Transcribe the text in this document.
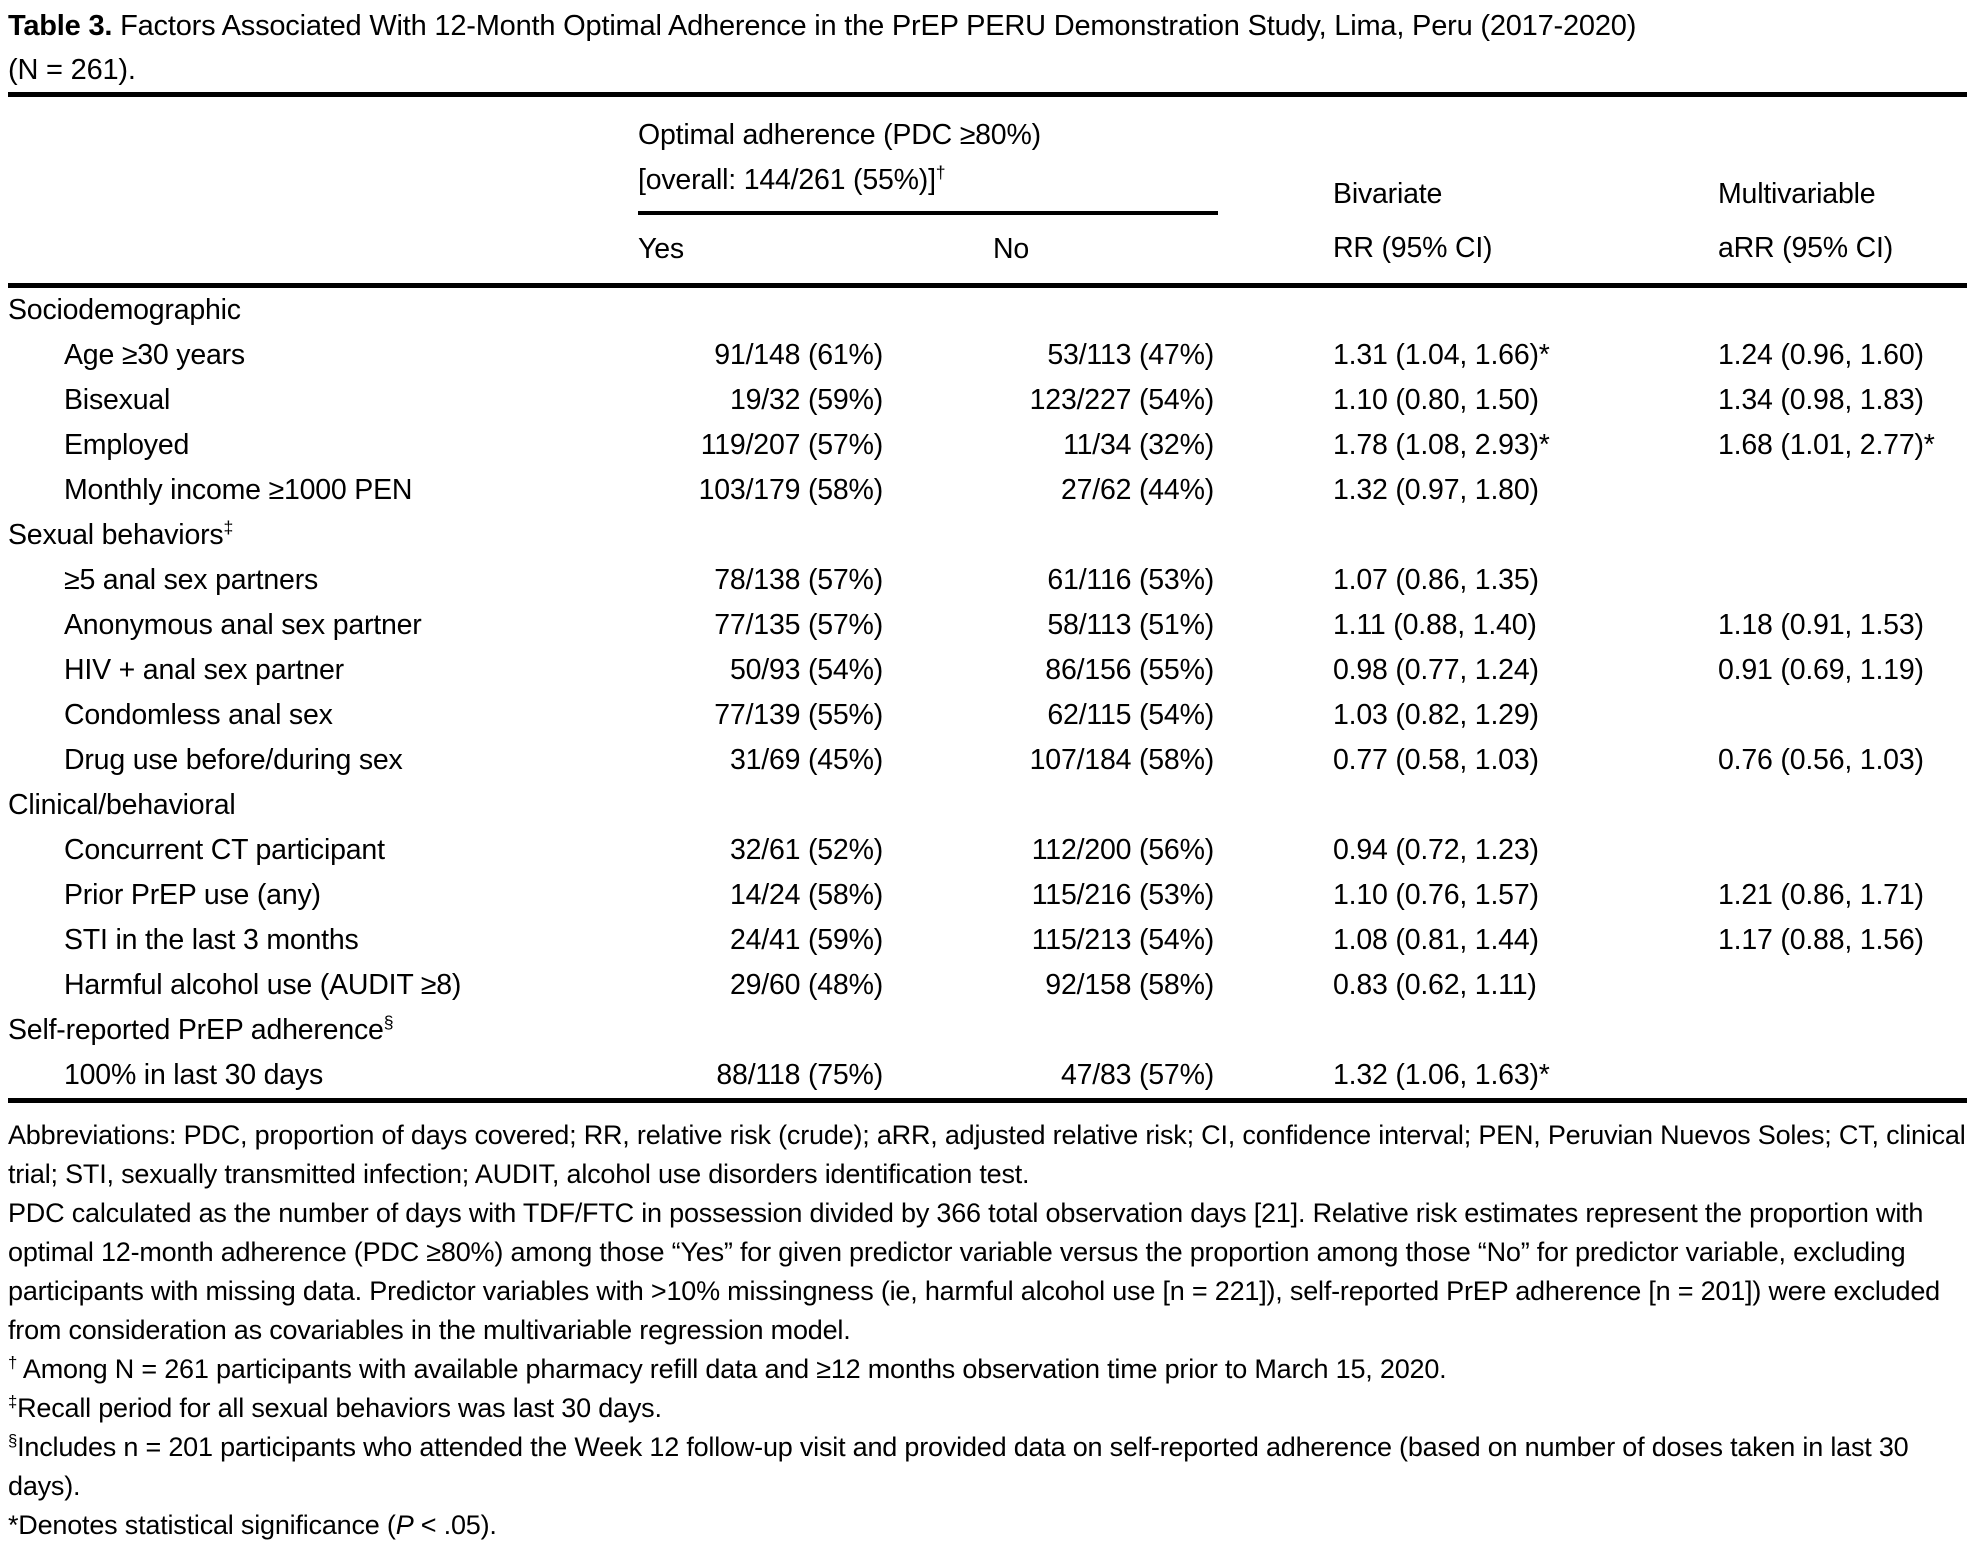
Table 3. Factors Associated With 12-Month Optimal Adherence in the PrEP PERU Demonstration Study, Lima, Peru (2017-2020)
(N = 261).

	Optimal adherence (PDC ≥80%)
[overall: 144/261 (55%)]†		Bivariate	Multivariable
	Yes	No	RR (95% CI)	aRR (95% CI)
Sociodemographic				
Age ≥30 years	91/148 (61%)	53/113 (47%)	1.31 (1.04, 1.66)*	1.24 (0.96, 1.60)
Bisexual	19/32 (59%)	123/227 (54%)	1.10 (0.80, 1.50)	1.34 (0.98, 1.83)
Employed	119/207 (57%)	11/34 (32%)	1.78 (1.08, 2.93)*	1.68 (1.01, 2.77)*
Monthly income ≥1000 PEN	103/179 (58%)	27/62 (44%)	1.32 (0.97, 1.80)	
Sexual behaviors‡				
≥5 anal sex partners	78/138 (57%)	61/116 (53%)	1.07 (0.86, 1.35)	
Anonymous anal sex partner	77/135 (57%)	58/113 (51%)	1.11 (0.88, 1.40)	1.18 (0.91, 1.53)
HIV + anal sex partner	50/93 (54%)	86/156 (55%)	0.98 (0.77, 1.24)	0.91 (0.69, 1.19)
Condomless anal sex	77/139 (55%)	62/115 (54%)	1.03 (0.82, 1.29)	
Drug use before/during sex	31/69 (45%)	107/184 (58%)	0.77 (0.58, 1.03)	0.76 (0.56, 1.03)
Clinical/behavioral				
Concurrent CT participant	32/61 (52%)	112/200 (56%)	0.94 (0.72, 1.23)	
Prior PrEP use (any)	14/24 (58%)	115/216 (53%)	1.10 (0.76, 1.57)	1.21 (0.86, 1.71)
STI in the last 3 months	24/41 (59%)	115/213 (54%)	1.08 (0.81, 1.44)	1.17 (0.88, 1.56)
Harmful alcohol use (AUDIT ≥8)	29/60 (48%)	92/158 (58%)	0.83 (0.62, 1.11)	
Self-reported PrEP adherence§				
100% in last 30 days	88/118 (75%)	47/83 (57%)	1.32 (1.06, 1.63)*	
Abbreviations: PDC, proportion of days covered; RR, relative risk (crude); aRR, adjusted relative risk; CI, confidence interval; PEN, Peruvian Nuevos Soles; CT, clinical trial; STI, sexually transmitted infection; AUDIT, alcohol use disorders identification test.
PDC calculated as the number of days with TDF/FTC in possession divided by 366 total observation days [21]. Relative risk estimates represent the proportion with optimal 12-month adherence (PDC ≥80%) among those “Yes” for given predictor variable versus the proportion among those “No” for predictor variable, excluding participants with missing data. Predictor variables with >10% missingness (ie, harmful alcohol use [n = 221]), self-reported PrEP adherence [n = 201]) were excluded from consideration as covariables in the multivariable regression model.
† Among N = 261 participants with available pharmacy refill data and ≥12 months observation time prior to March 15, 2020.
‡Recall period for all sexual behaviors was last 30 days.
§Includes n = 201 participants who attended the Week 12 follow-up visit and provided data on self-reported adherence (based on number of doses taken in last 30 days).
*Denotes statistical significance (P < .05).
